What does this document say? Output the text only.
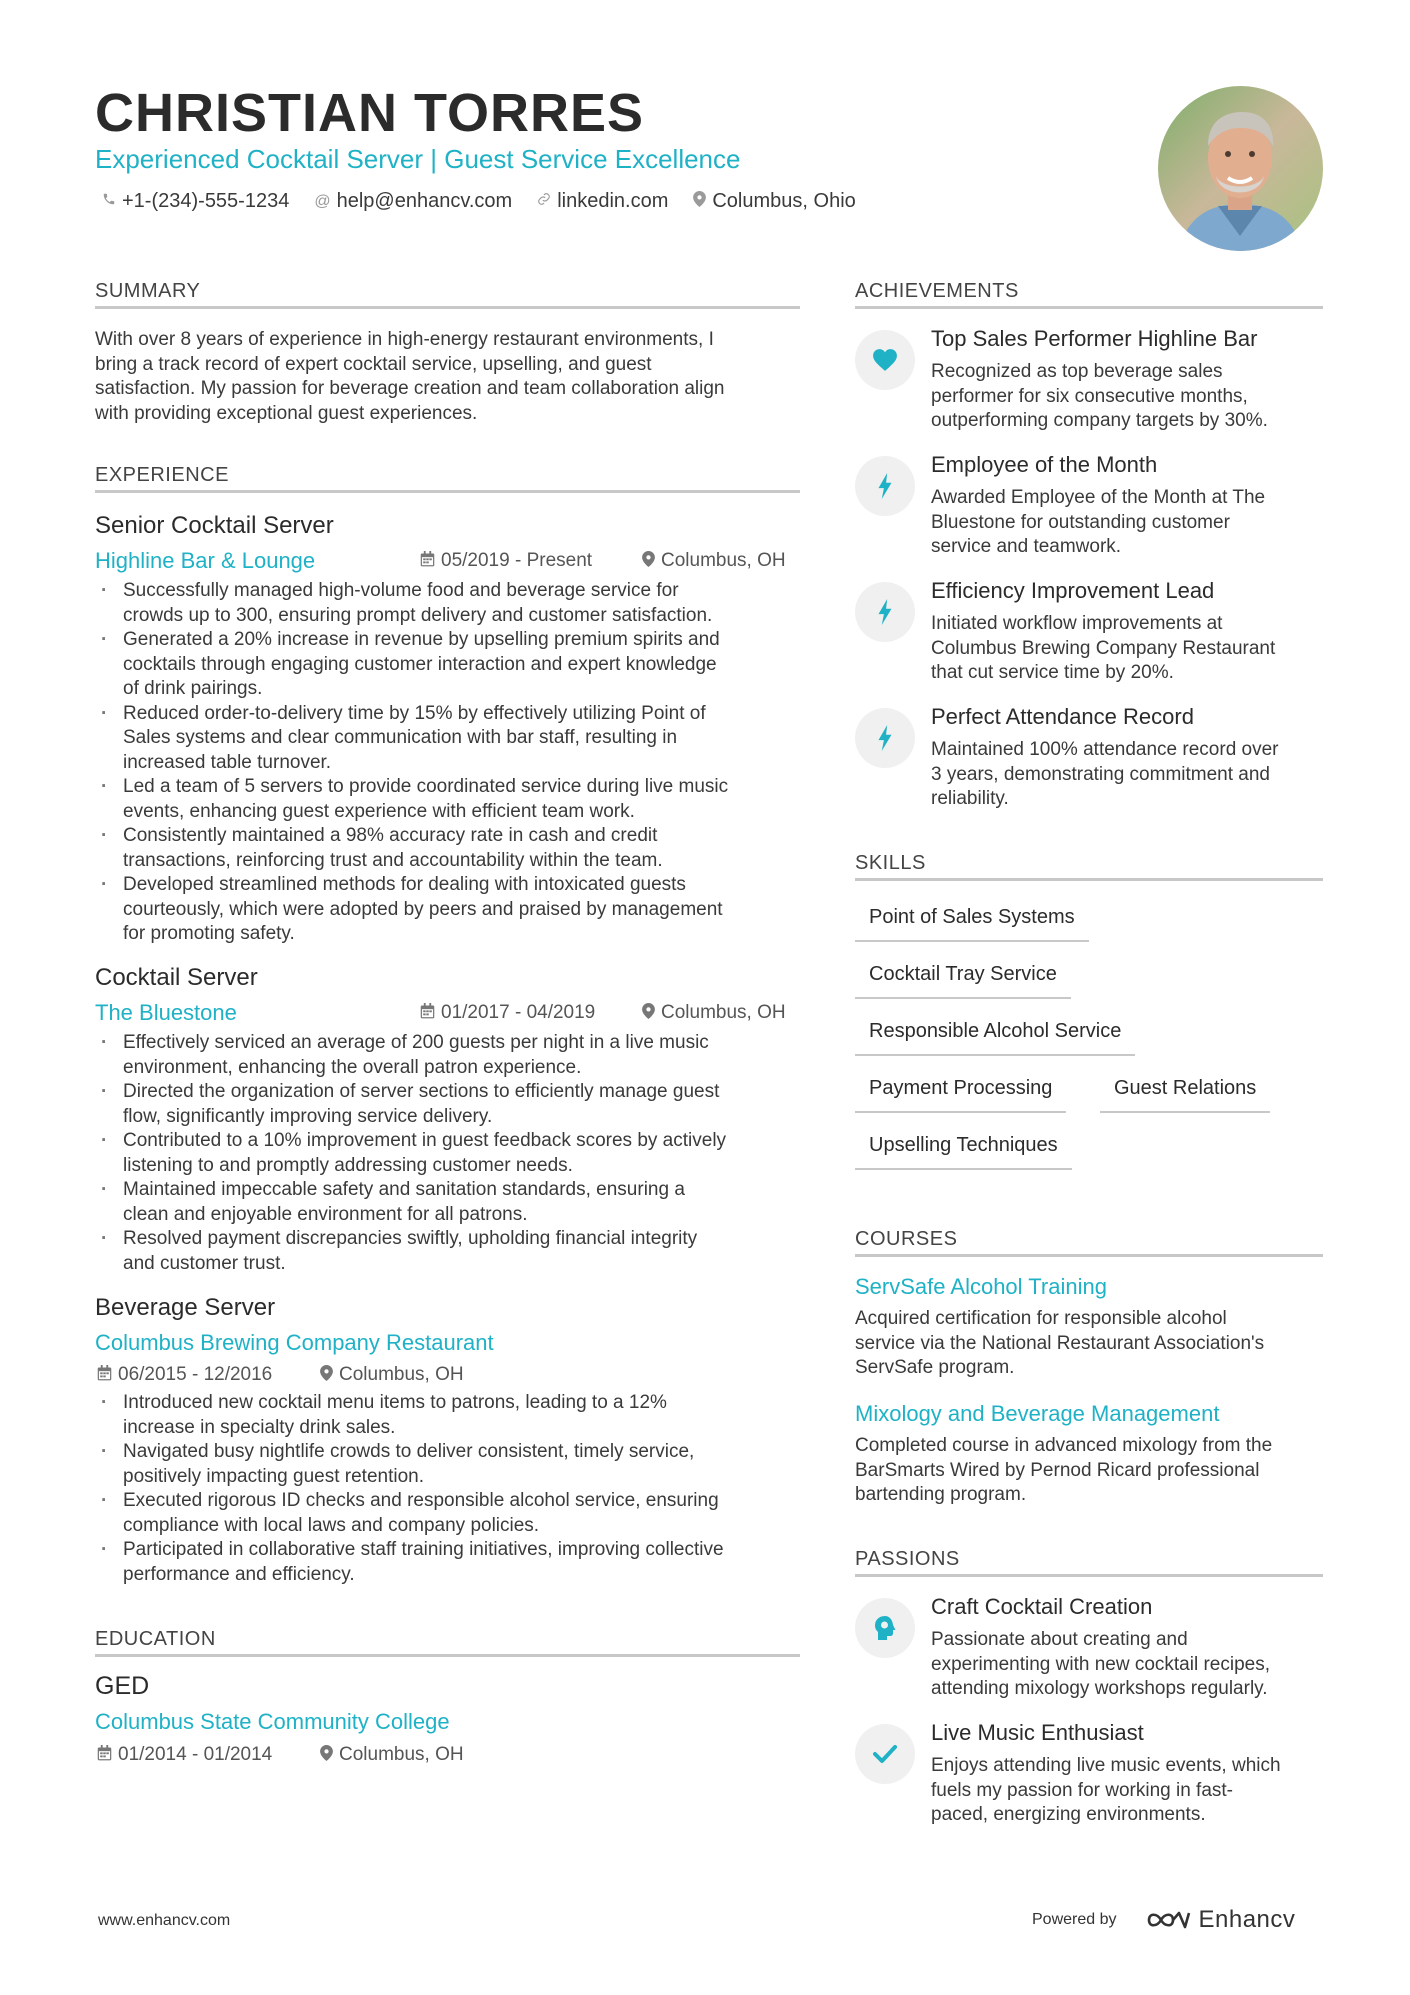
CHRISTIAN TORRES
Experienced Cocktail Server | Guest Service Excellence
+1-(234)-555-1234 @ help@enhancv.com linkedin.com Columbus, Ohio
SUMMARY
With over 8 years of experience in high-energy restaurant environments, I
bring a track record of expert cocktail service, upselling, and guest
satisfaction. My passion for beverage creation and team collaboration align
with providing exceptional guest experiences.
EXPERIENCE
Senior Cocktail Server
Highline Bar & Lounge	05/2019 - Present	Columbus, OH
· Successfully managed high-volume food and beverage service for
crowds up to 300, ensuring prompt delivery and customer satisfaction.
· Generated a 20% increase in revenue by upselling premium spirits and
cocktails through engaging customer interaction and expert knowledge
of drink pairings.
· Reduced order-to-delivery time by 15% by effectively utilizing Point of
Sales systems and clear communication with bar staff, resulting in
increased table turnover.
· Led a team of 5 servers to provide coordinated service during live music
events, enhancing guest experience with efficient team work.
· Consistently maintained a 98% accuracy rate in cash and credit
transactions, reinforcing trust and accountability within the team.
· Developed streamlined methods for dealing with intoxicated guests
courteously, which were adopted by peers and praised by management
for promoting safety.
Cocktail Server
The Bluestone	01/2017 - 04/2019	Columbus, OH
· Effectively serviced an average of 200 guests per night in a live music
environment, enhancing the overall patron experience.
· Directed the organization of server sections to efficiently manage guest
flow, significantly improving service delivery.
· Contributed to a 10% improvement in guest feedback scores by actively
listening to and promptly addressing customer needs.
· Maintained impeccable safety and sanitation standards, ensuring a
clean and enjoyable environment for all patrons.
· Resolved payment discrepancies swiftly, upholding financial integrity
and customer trust.
Beverage Server
Columbus Brewing Company Restaurant
06/2015 - 12/2016	Columbus, OH
· Introduced new cocktail menu items to patrons, leading to a 12%
increase in specialty drink sales.
· Navigated busy nightlife crowds to deliver consistent, timely service,
positively impacting guest retention.
· Executed rigorous ID checks and responsible alcohol service, ensuring
compliance with local laws and company policies.
· Participated in collaborative staff training initiatives, improving collective
performance and efficiency.
EDUCATION
GED
Columbus State Community College
01/2014 - 01/2014	Columbus, OH
ACHIEVEMENTS
Top Sales Performer Highline Bar
Recognized as top beverage sales
performer for six consecutive months,
outperforming company targets by 30%.
Employee of the Month
Awarded Employee of the Month at The
Bluestone for outstanding customer
service and teamwork.
Efficiency Improvement Lead
Initiated workflow improvements at
Columbus Brewing Company Restaurant
that cut service time by 20%.
Perfect Attendance Record
Maintained 100% attendance record over
3 years, demonstrating commitment and
reliability.
SKILLS
Point of Sales Systems
Cocktail Tray Service
Responsible Alcohol Service
Payment Processing	Guest Relations
Upselling Techniques
COURSES
ServSafe Alcohol Training
Acquired certification for responsible alcohol
service via the National Restaurant Association's
ServSafe program.
Mixology and Beverage Management
Completed course in advanced mixology from the
BarSmarts Wired by Pernod Ricard professional
bartending program.
PASSIONS
Craft Cocktail Creation
Passionate about creating and
experimenting with new cocktail recipes,
attending mixology workshops regularly.
Live Music Enthusiast
Enjoys attending live music events, which
fuels my passion for working in fast-
paced, energizing environments.
www.enhancv.com	Powered by	Enhancv
